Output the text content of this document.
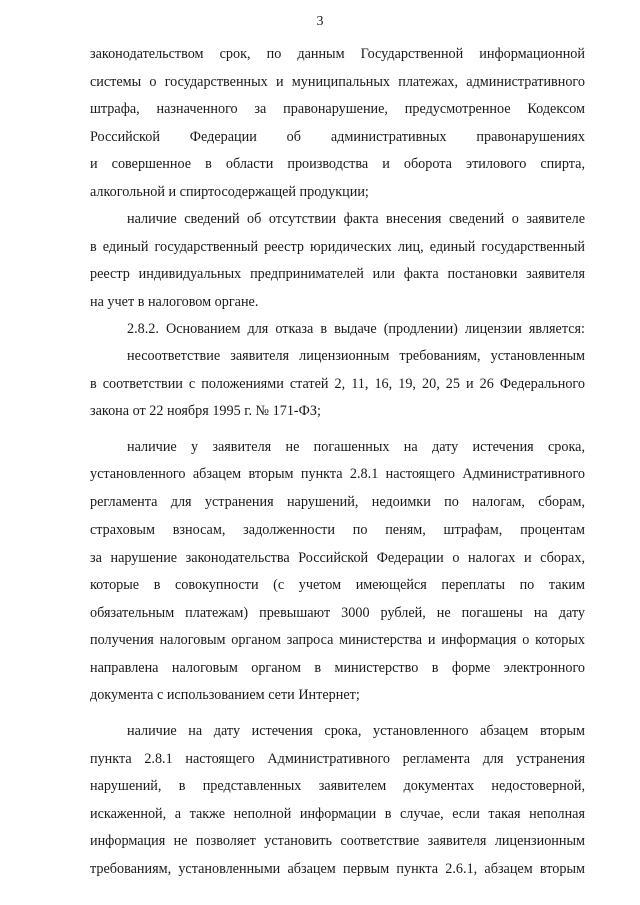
3
законодательством срок, по данным Государственной информационной
системы о государственных и муниципальных платежах, административного
штрафа, назначенного за правонарушение, предусмотренное Кодексом
Российской Федерации об административных правонарушениях
и совершенное в области производства и оборота этилового спирта,
алкогольной и спиртосодержащей продукции;
наличие сведений об отсутствии факта внесения сведений о заявителе
в единый государственный реестр юридических лиц, единый государственный
реестр индивидуальных предпринимателей или факта постановки заявителя
на учет в налоговом органе.
2.8.2. Основанием для отказа в выдаче (продлении) лицензии является:
несоответствие заявителя лицензионным требованиям, установленным
в соответствии с положениями статей 2, 11, 16, 19, 20, 25 и 26 Федерального
закона от 22 ноября 1995 г. № 171-ФЗ;
наличие у заявителя не погашенных на дату истечения срока,
установленного абзацем вторым пункта 2.8.1 настоящего Административного
регламента для устранения нарушений, недоимки по налогам, сборам,
страховым взносам, задолженности по пеням, штрафам, процентам
за нарушение законодательства Российской Федерации о налогах и сборах,
которые в совокупности (с учетом имеющейся переплаты по таким
обязательным платежам) превышают 3000 рублей, не погашены на дату
получения налоговым органом запроса министерства и информация о которых
направлена налоговым органом в министерство в форме электронного
документа с использованием сети Интернет;
наличие на дату истечения срока, установленного абзацем вторым
пункта 2.8.1 настоящего Административного регламента для устранения
нарушений, в представленных заявителем документах недостоверной,
искаженной, а также неполной информации в случае, если такая неполная
информация не позволяет установить соответствие заявителя лицензионным
требованиям, установленными абзацем первым пункта 2.6.1, абзацем вторым
